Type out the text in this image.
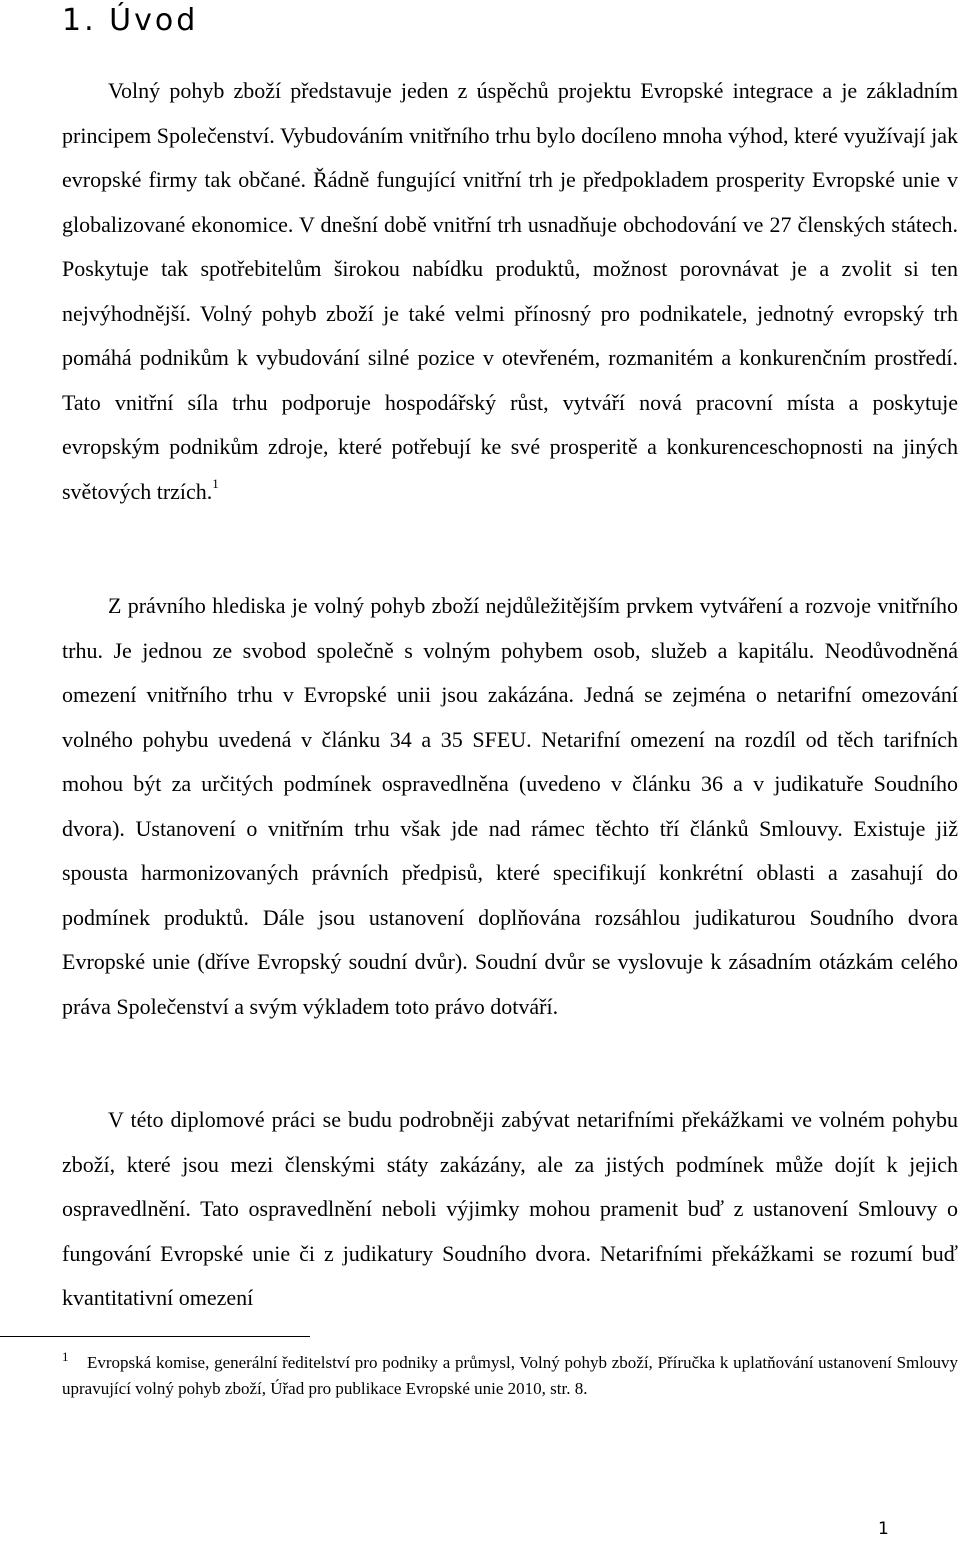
1. Úvod

Volný pohyb zboží představuje jeden z úspěchů projektu Evropské integrace a je základním principem Společenství. Vybudováním vnitřního trhu bylo docíleno mnoha výhod, které využívají jak evropské firmy tak občané. Řádně fungující vnitřní trh je předpokladem prosperity Evropské unie v globalizované ekonomice. V dnešní době vnitřní trh usnadňuje obchodování ve 27 členských státech. Poskytuje tak spotřebitelům širokou nabídku produktů, možnost porovnávat je a zvolit si ten nejvýhodnější. Volný pohyb zboží je také velmi přínosný pro podnikatele, jednotný evropský trh pomáhá podnikům k vybudování silné pozice v otevřeném, rozmanitém a konkurenčním prostředí. Tato vnitřní síla trhu podporuje hospodářský růst, vytváří nová pracovní místa a poskytuje evropským podnikům zdroje, které potřebují ke své prosperitě a konkurenceschopnosti na jiných světových trzích.$^1$

Z právního hlediska je volný pohyb zboží nejdůležitějším prvkem vytváření a rozvoje vnitřního trhu. Je jednou ze svobod společně s volným pohybem osob, služeb a kapitálu. Neodůvodněná omezení vnitřního trhu v Evropské unii jsou zakázána. Jedná se zejména o netarifní omezování volného pohybu uvedená v článku 34 a 35 SFEU. Netarifní omezení na rozdíl od těch tarifních mohou být za určitých podmínek ospravedlněna (uvedeno v článku 36 a v judikatuře Soudního dvora). Ustanovení o vnitřním trhu však jde nad rámec těchto tří článků Smlouvy. Existuje již spousta harmonizovaných právních předpisů, které specifikují konkrétní oblasti a zasahují do podmínek produktů. Dále jsou ustanovení doplňována rozsáhlou judikaturou Soudního dvora Evropské unie (dříve Evropský soudní dvůr). Soudní dvůr se vyslovuje k zásadním otázkám celého práva Společenství a svým výkladem toto právo dotváří.

V této diplomové práci se budu podrobněji zabývat netarifními překážkami ve volném pohybu zboží, které jsou mezi členskými státy zakázány, ale za jistých podmínek může dojít k jejich ospravedlnění. Tato ospravedlnění neboli výjimky mohou pramenit buď z ustanovení Smlouvy o fungování Evropské unie či z judikatury Soudního dvora. Netarifními překážkami se rozumí buď kvantitativní omezení

1 Evropská komise, generální ředitelství pro podniky a průmysl, Volný pohyb zboží, Příručka k uplatňování ustanovení Smlouvy upravující volný pohyb zboží, Úřad pro publikace Evropské unie 2010, str. 8.

1
